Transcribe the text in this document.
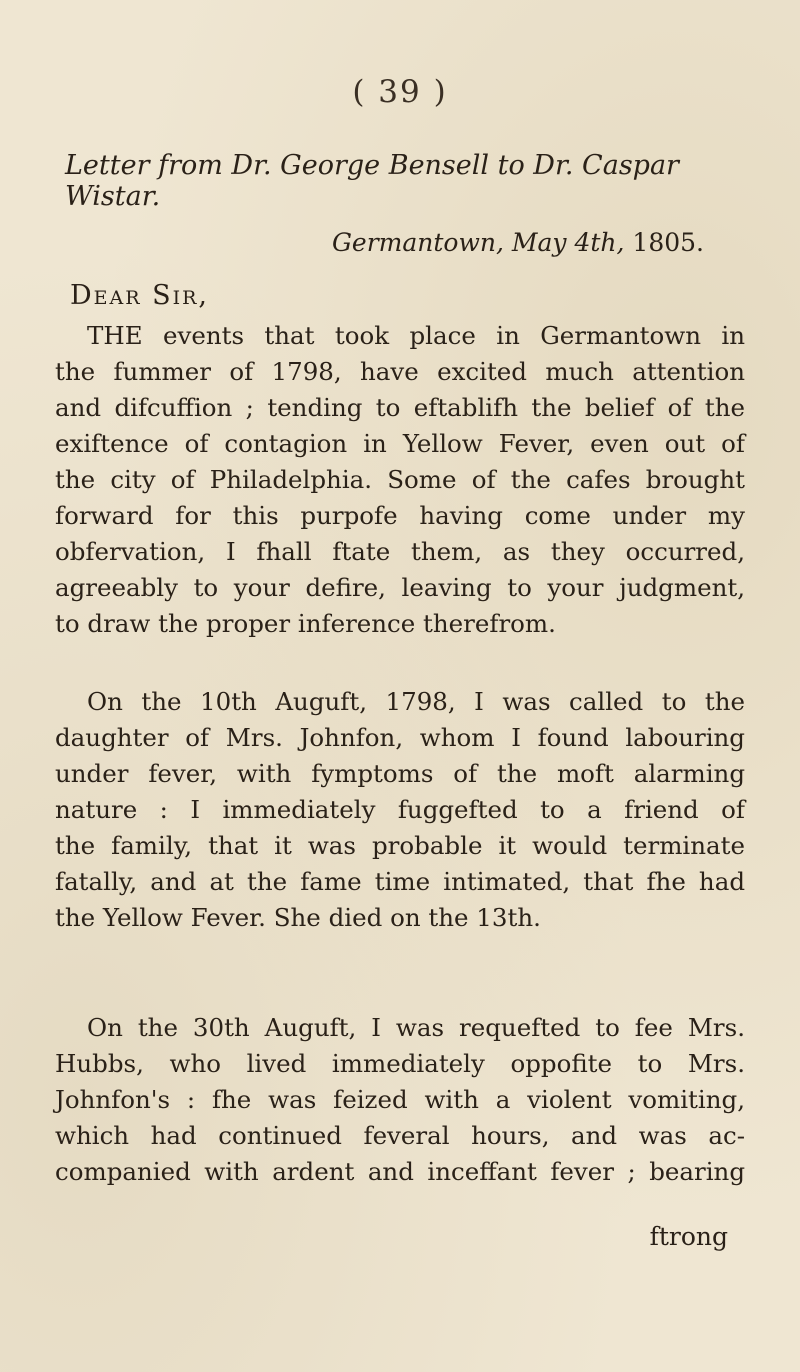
( 39 )
Letter from Dr. George Bensell to Dr. Caspar Wistar.
Germantown, May 4th, 1805.
Dear Sir,
THE events that took place in Germantown in
the fummer of 1798, have excited much attention
and difcuffion ; tending to eftablifh the belief of the
exiftence of contagion in Yellow Fever, even out of
the city of Philadelphia. Some of the cafes brought
forward for this purpofe having come under my
obfervation, I fhall ftate them, as they occurred,
agreeably to your defire, leaving to your judgment,
to draw the proper inference therefrom.
On the 10th Auguft, 1798, I was called to the
daughter of Mrs. Johnfon, whom I found labouring
under fever, with fymptoms of the moft alarming
nature : I immediately fuggefted to a friend of
the family, that it was probable it would terminate
fatally, and at the fame time intimated, that fhe had
the Yellow Fever. She died on the 13th.
On the 30th Auguft, I was requefted to fee Mrs.
Hubbs, who lived immediately oppofite to Mrs.
Johnfon's : fhe was feized with a violent vomiting,
which had continued feveral hours, and was ac-
companied with ardent and inceffant fever ; bearing
ftrong
